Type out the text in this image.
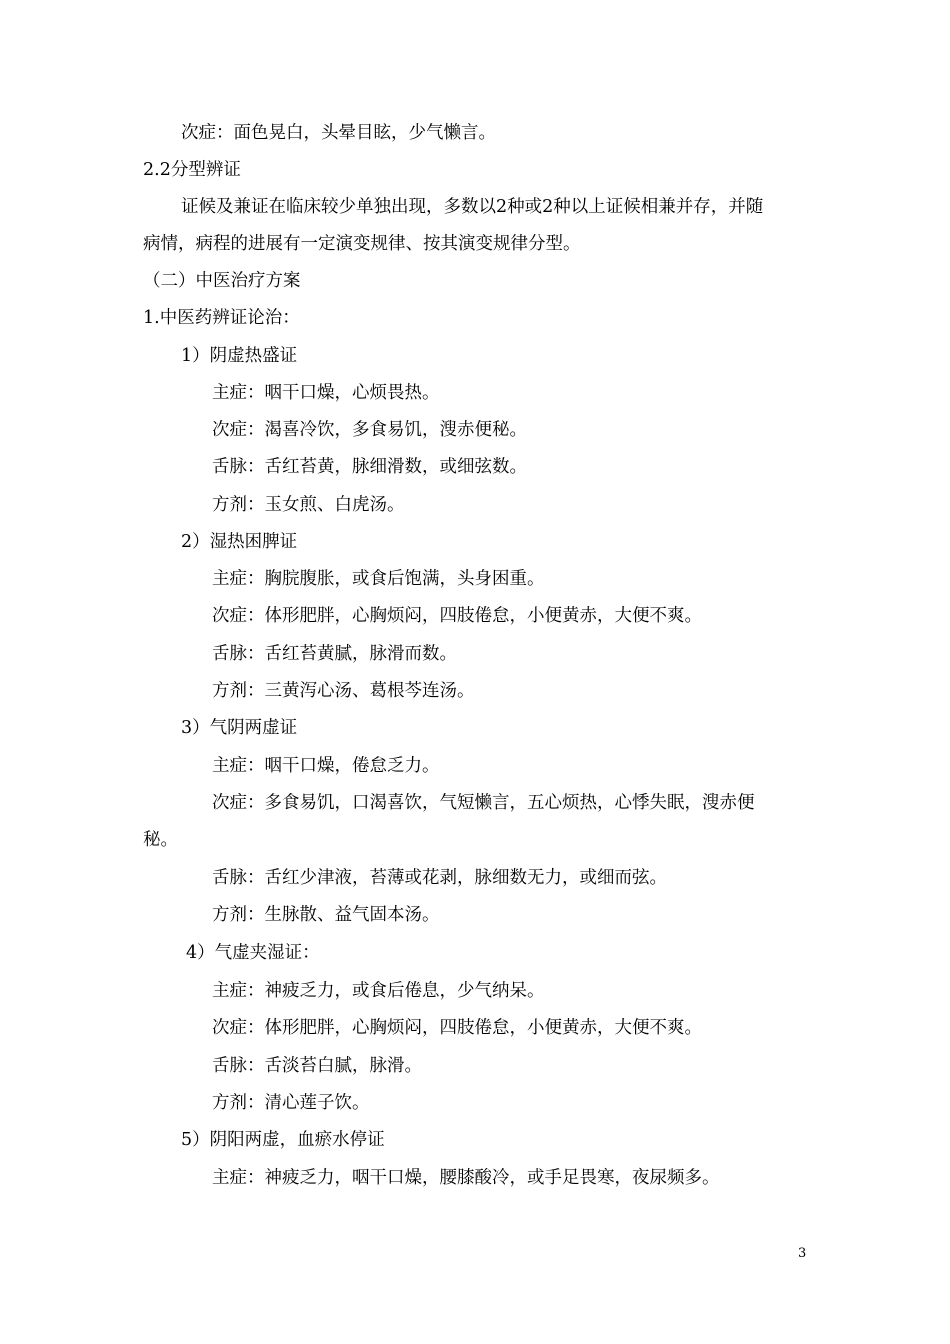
次症：面色晃白，头晕目眩，少气懒言。
2.2分型辨证
证候及兼证在临床较少单独出现，多数以2种或2种以上证候相兼并存，并随
病情，病程的进展有一定演变规律、按其演变规律分型。
（二）中医治疗方案
1.中医药辨证论治：
1）阴虚热盛证
主症：咽干口燥，心烦畏热。
次症：渴喜冷饮，多食易饥，溲赤便秘。
舌脉：舌红苔黄，脉细滑数，或细弦数。
方剂：玉女煎、白虎汤。
2）湿热困脾证
主症：胸脘腹胀，或食后饱满，头身困重。
次症：体形肥胖，心胸烦闷，四肢倦怠，小便黄赤，大便不爽。
舌脉：舌红苔黄腻，脉滑而数。
方剂：三黄泻心汤、葛根芩连汤。
3）气阴两虚证
主症：咽干口燥，倦怠乏力。
次症：多食易饥，口渴喜饮，气短懒言，五心烦热，心悸失眠，溲赤便
秘。
舌脉：舌红少津液，苔薄或花剥，脉细数无力，或细而弦。
方剂：生脉散、益气固本汤。
4）气虚夹湿证：
主症：神疲乏力，或食后倦息，少气纳呆。
次症：体形肥胖，心胸烦闷，四肢倦怠，小便黄赤，大便不爽。
舌脉：舌淡苔白腻，脉滑。
方剂：清心莲子饮。
5）阴阳两虚，血瘀水停证
主症：神疲乏力，咽干口燥，腰膝酸冷，或手足畏寒，夜尿频多。
3
